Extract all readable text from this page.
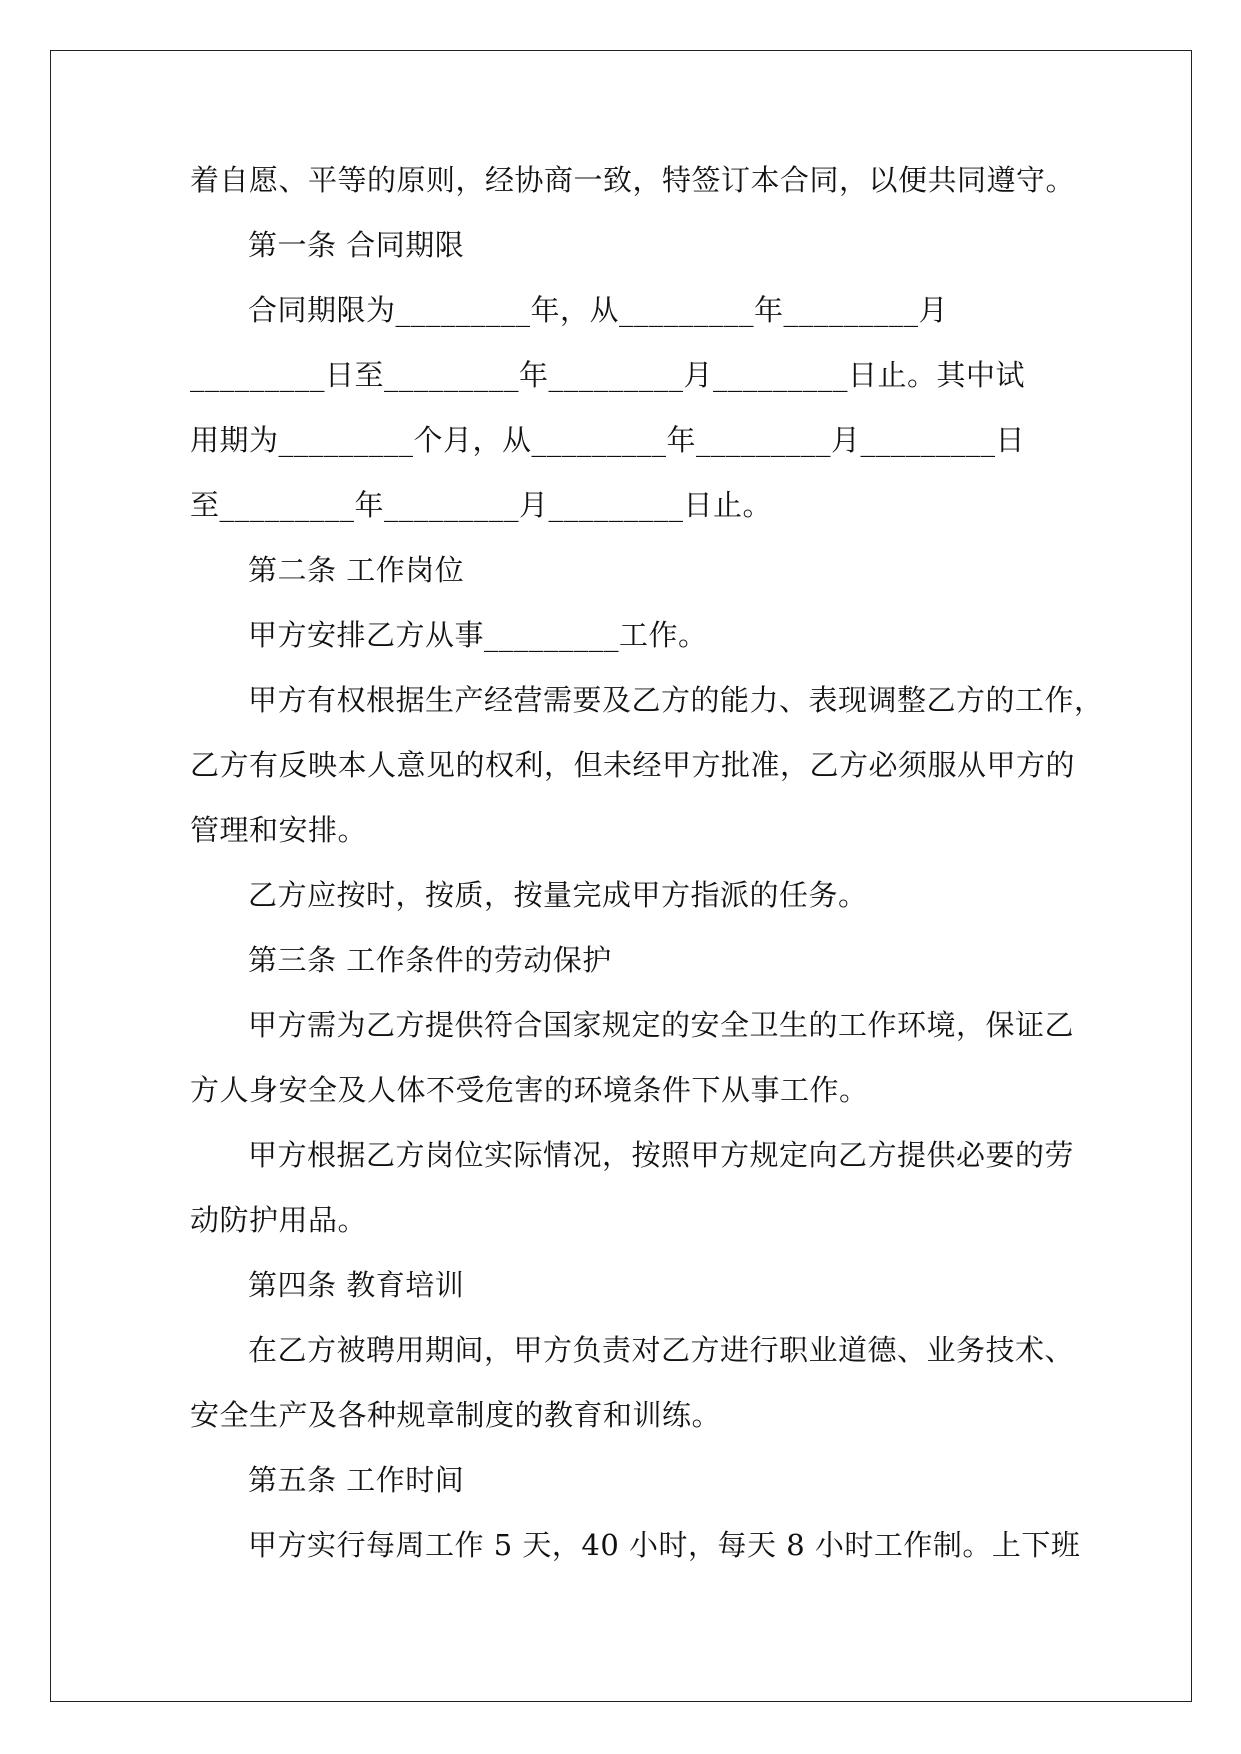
着自愿、平等的原则，经协商一致，特签订本合同，以便共同遵守。
第一条 合同期限
合同期限为_________年，从_________年_________月
_________日至_________年_________月_________日止。其中试
用期为_________个月，从_________年_________月_________日
至_________年_________月_________日止。
第二条 工作岗位
甲方安排乙方从事_________工作。
甲方有权根据生产经营需要及乙方的能力、表现调整乙方的工作，
乙方有反映本人意见的权利，但未经甲方批准，乙方必须服从甲方的
管理和安排。
乙方应按时，按质，按量完成甲方指派的任务。
第三条 工作条件的劳动保护
甲方需为乙方提供符合国家规定的安全卫生的工作环境，保证乙
方人身安全及人体不受危害的环境条件下从事工作。
甲方根据乙方岗位实际情况，按照甲方规定向乙方提供必要的劳
动防护用品。
第四条 教育培训
在乙方被聘用期间，甲方负责对乙方进行职业道德、业务技术、
安全生产及各种规章制度的教育和训练。
第五条 工作时间
甲方实行每周工作 5 天，40 小时，每天 8 小时工作制。上下班
